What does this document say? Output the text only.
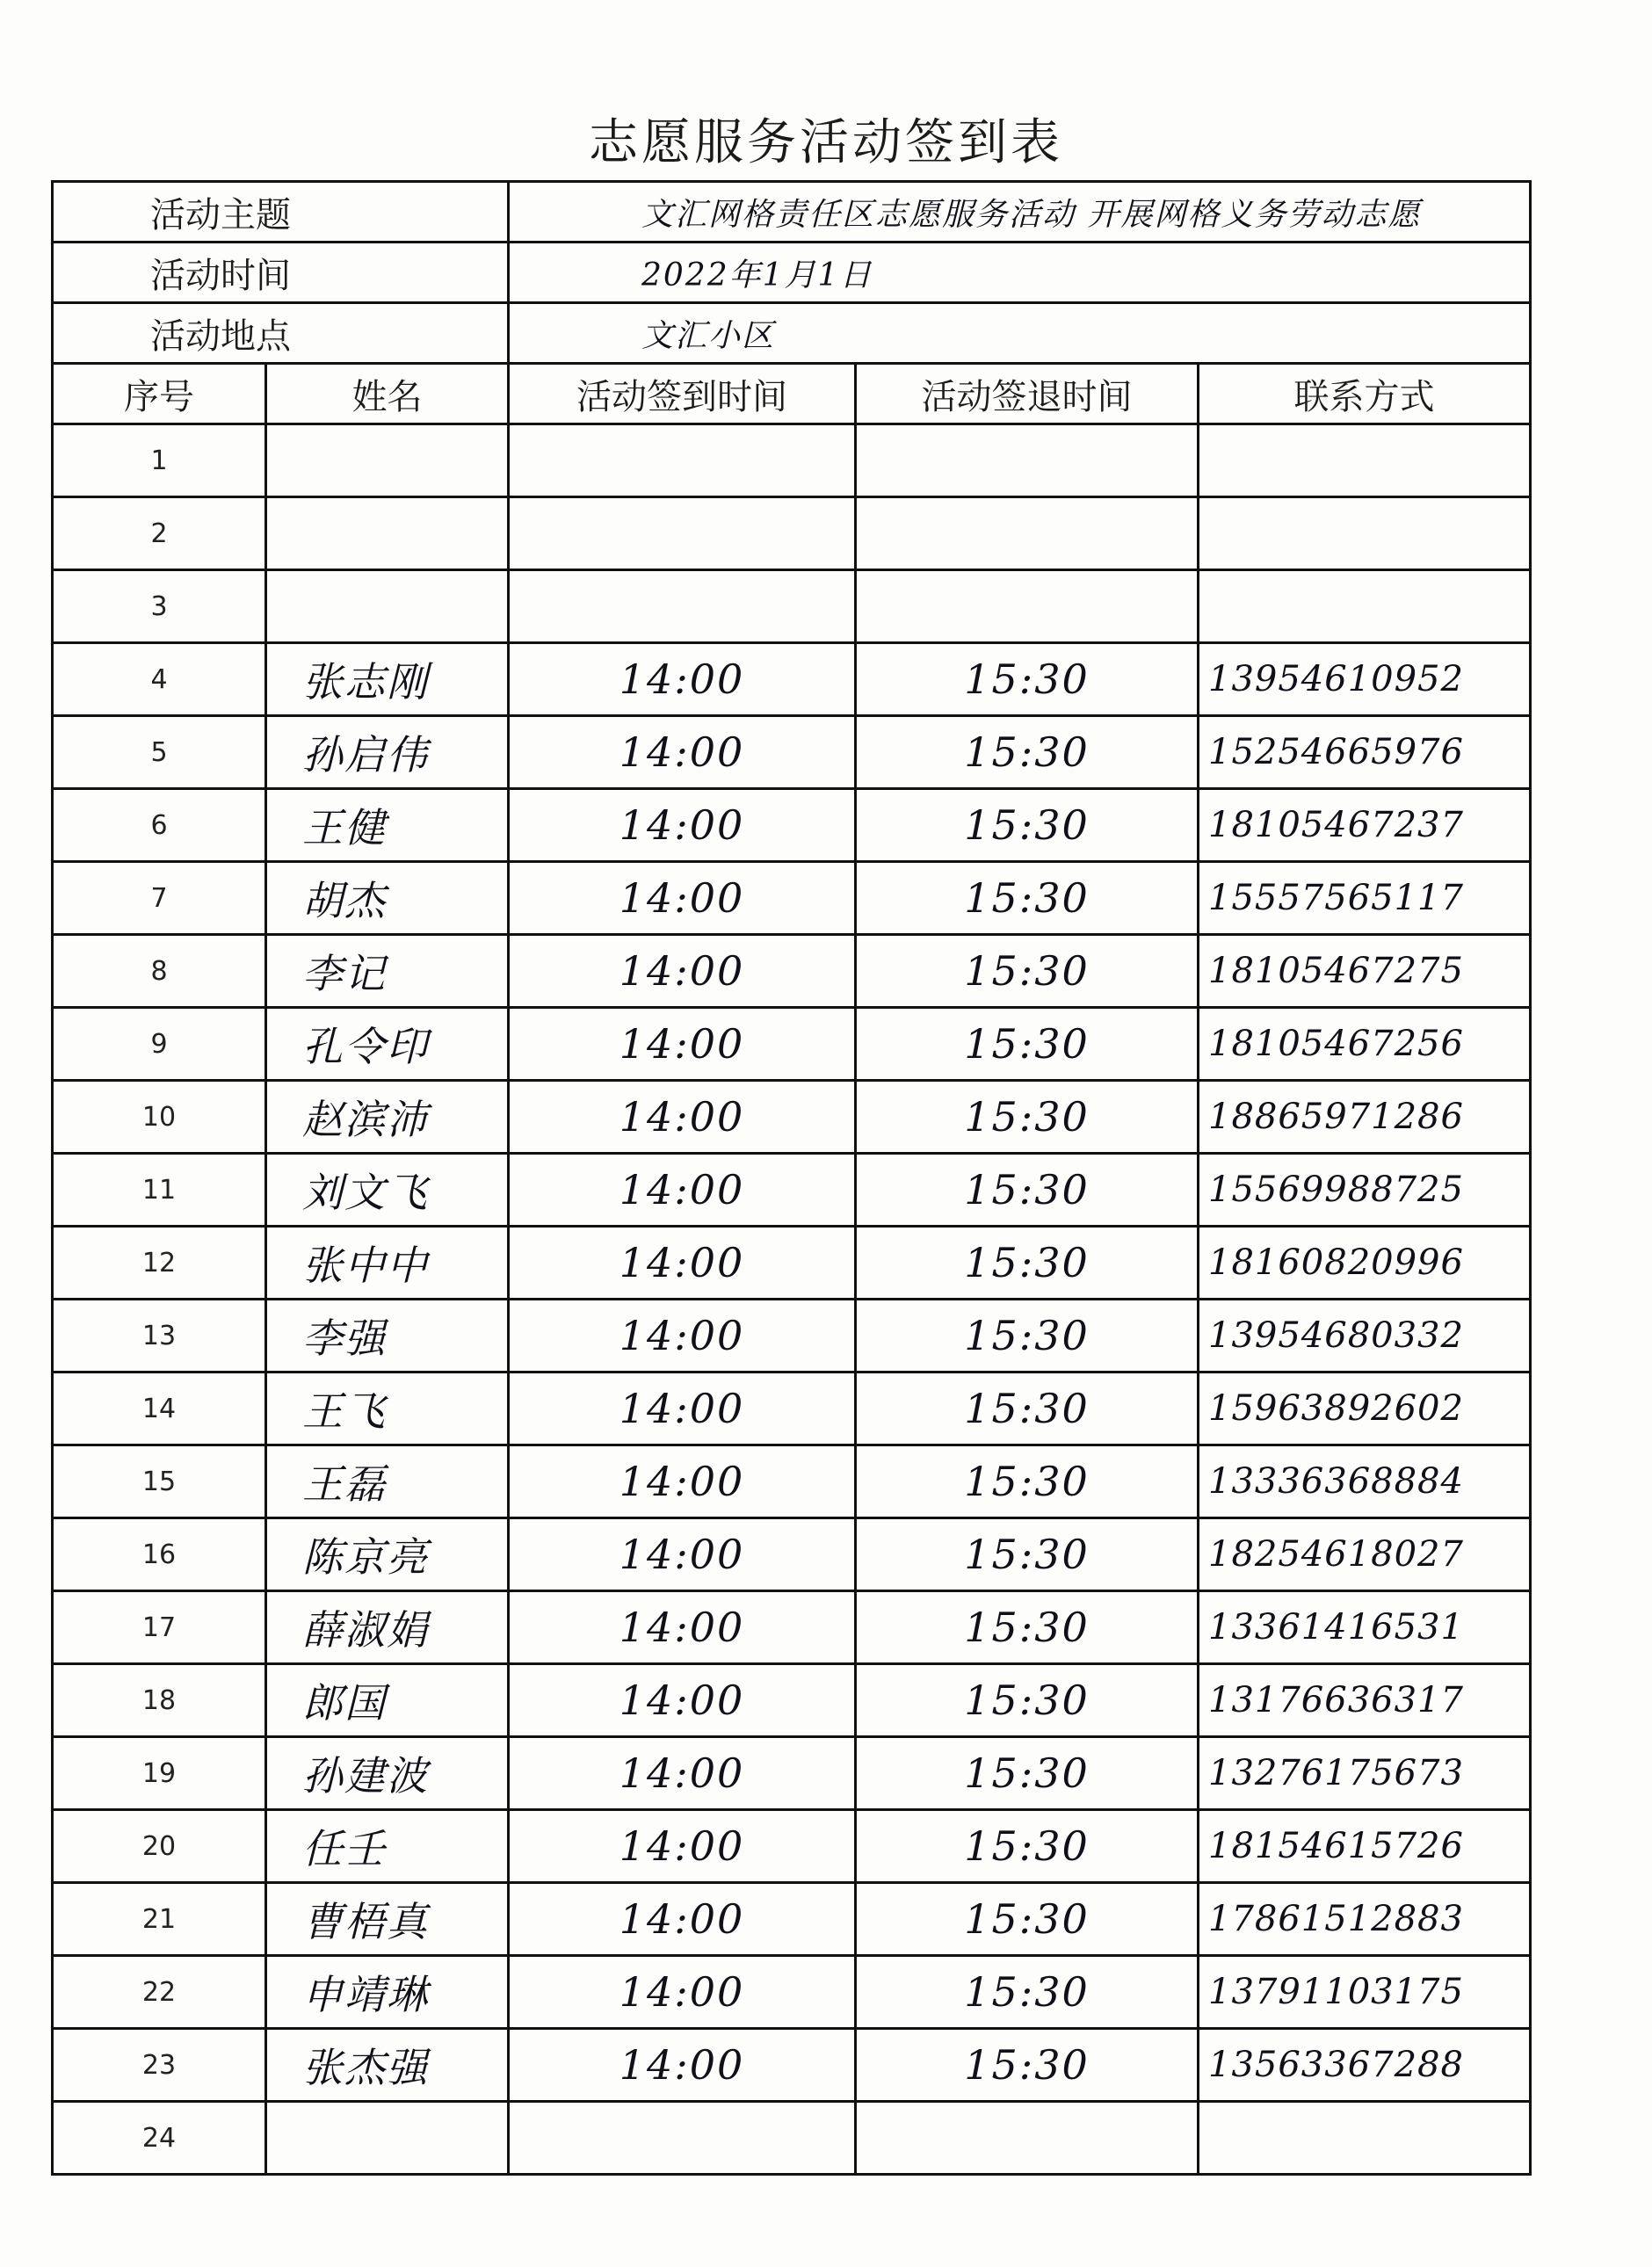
志愿服务活动签到表
活动主题		文汇网格责任区志愿服务活动 开展网格义务劳动志愿		
活动时间		2022年1月1日		
活动地点		文汇小区		
序号	姓名	活动签到时间	活动签退时间	联系方式
1				
2				
3				
4	张志刚	14:00	15:30	13954610952
5	孙启伟	14:00	15:30	15254665976
6	王健	14:00	15:30	18105467237
7	胡杰	14:00	15:30	15557565117
8	李记	14:00	15:30	18105467275
9	孔令印	14:00	15:30	18105467256
10	赵滨沛	14:00	15:30	18865971286
11	刘文飞	14:00	15:30	15569988725
12	张中中	14:00	15:30	18160820996
13	李强	14:00	15:30	13954680332
14	王飞	14:00	15:30	15963892602
15	王磊	14:00	15:30	13336368884
16	陈京亮	14:00	15:30	18254618027
17	薛淑娟	14:00	15:30	13361416531
18	郎国	14:00	15:30	13176636317
19	孙建波	14:00	15:30	13276175673
20	任壬	14:00	15:30	18154615726
21	曹梧真	14:00	15:30	17861512883
22	申靖琳	14:00	15:30	13791103175
23	张杰强	14:00	15:30	13563367288
24				
